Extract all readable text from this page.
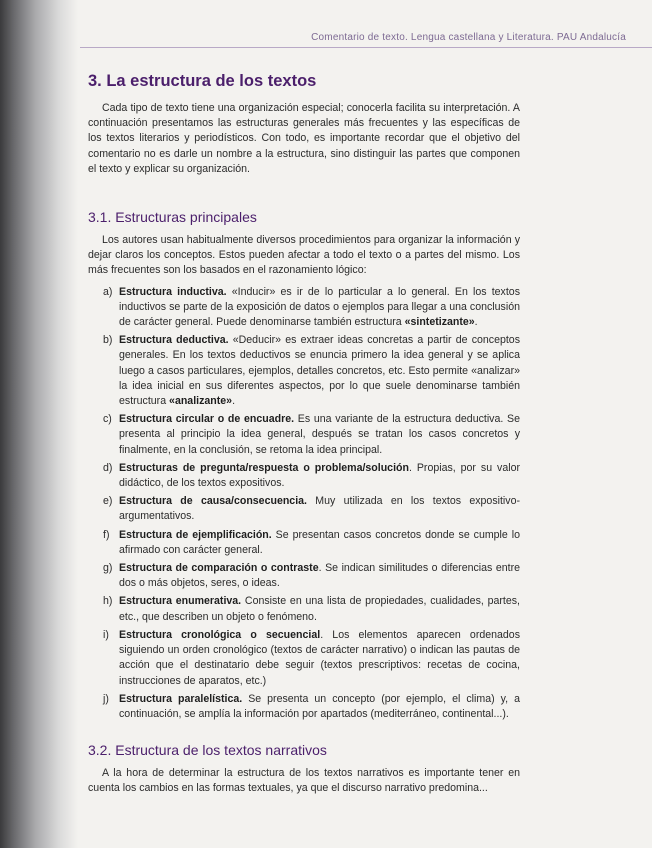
Comentario de texto. Lengua castellana y Literatura. PAU Andalucía
3. La estructura de los textos

Cada tipo de texto tiene una organización especial; conocerla facilita su interpretación. A continuación presentamos las estructuras generales más frecuentes y las específicas de los textos literarios y periodísticos. Con todo, es importante recordar que el objetivo del comentario no es darle un nombre a la estructura, sino distinguir las partes que componen el texto y explicar su organización.

3.1. Estructuras principales

Los autores usan habitualmente diversos procedimientos para organizar la información y dejar claros los conceptos. Estos pueden afectar a todo el texto o a partes del mismo. Los más frecuentes son los basados en el razonamiento lógico:

a) Estructura inductiva. «Inducir» es ir de lo particular a lo general. En los textos inductivos se parte de la exposición de datos o ejemplos para llegar a una conclusión de carácter general. Puede denominarse también estructura «sintetizante».
b) Estructura deductiva. «Deducir» es extraer ideas concretas a partir de conceptos generales. En los textos deductivos se enuncia primero la idea general y se aplica luego a casos particulares, ejemplos, detalles concretos, etc. Esto permite «analizar» la idea inicial en sus diferentes aspectos, por lo que suele denominarse también estructura «analizante».
c) Estructura circular o de encuadre. Es una variante de la estructura deductiva. Se presenta al principio la idea general, después se tratan los casos concretos y finalmente, en la conclusión, se retoma la idea principal.
d) Estructuras de pregunta/respuesta o problema/solución. Propias, por su valor didáctico, de los textos expositivos.
e) Estructura de causa/consecuencia. Muy utilizada en los textos expositivo-argumentativos.
f) Estructura de ejemplificación. Se presentan casos concretos donde se cumple lo afirmado con carácter general.
g) Estructura de comparación o contraste. Se indican similitudes o diferencias entre dos o más objetos, seres, o ideas.
h) Estructura enumerativa. Consiste en una lista de propiedades, cualidades, partes, etc., que describen un objeto o fenómeno.
i) Estructura cronológica o secuencial. Los elementos aparecen ordenados siguiendo un orden cronológico (textos de carácter narrativo) o indican las pautas de acción que el destinatario debe seguir (textos prescriptivos: recetas de cocina, instrucciones de aparatos, etc.)
j) Estructura paralelística. Se presenta un concepto (por ejemplo, el clima) y, a continuación, se amplía la información por apartados (mediterráneo, continental...).
3.2. Estructura de los textos narrativos

A la hora de determinar la estructura de los textos narrativos es importante tener en cuenta los cambios en las formas textuales, ya que el discurso narrativo predomina...
